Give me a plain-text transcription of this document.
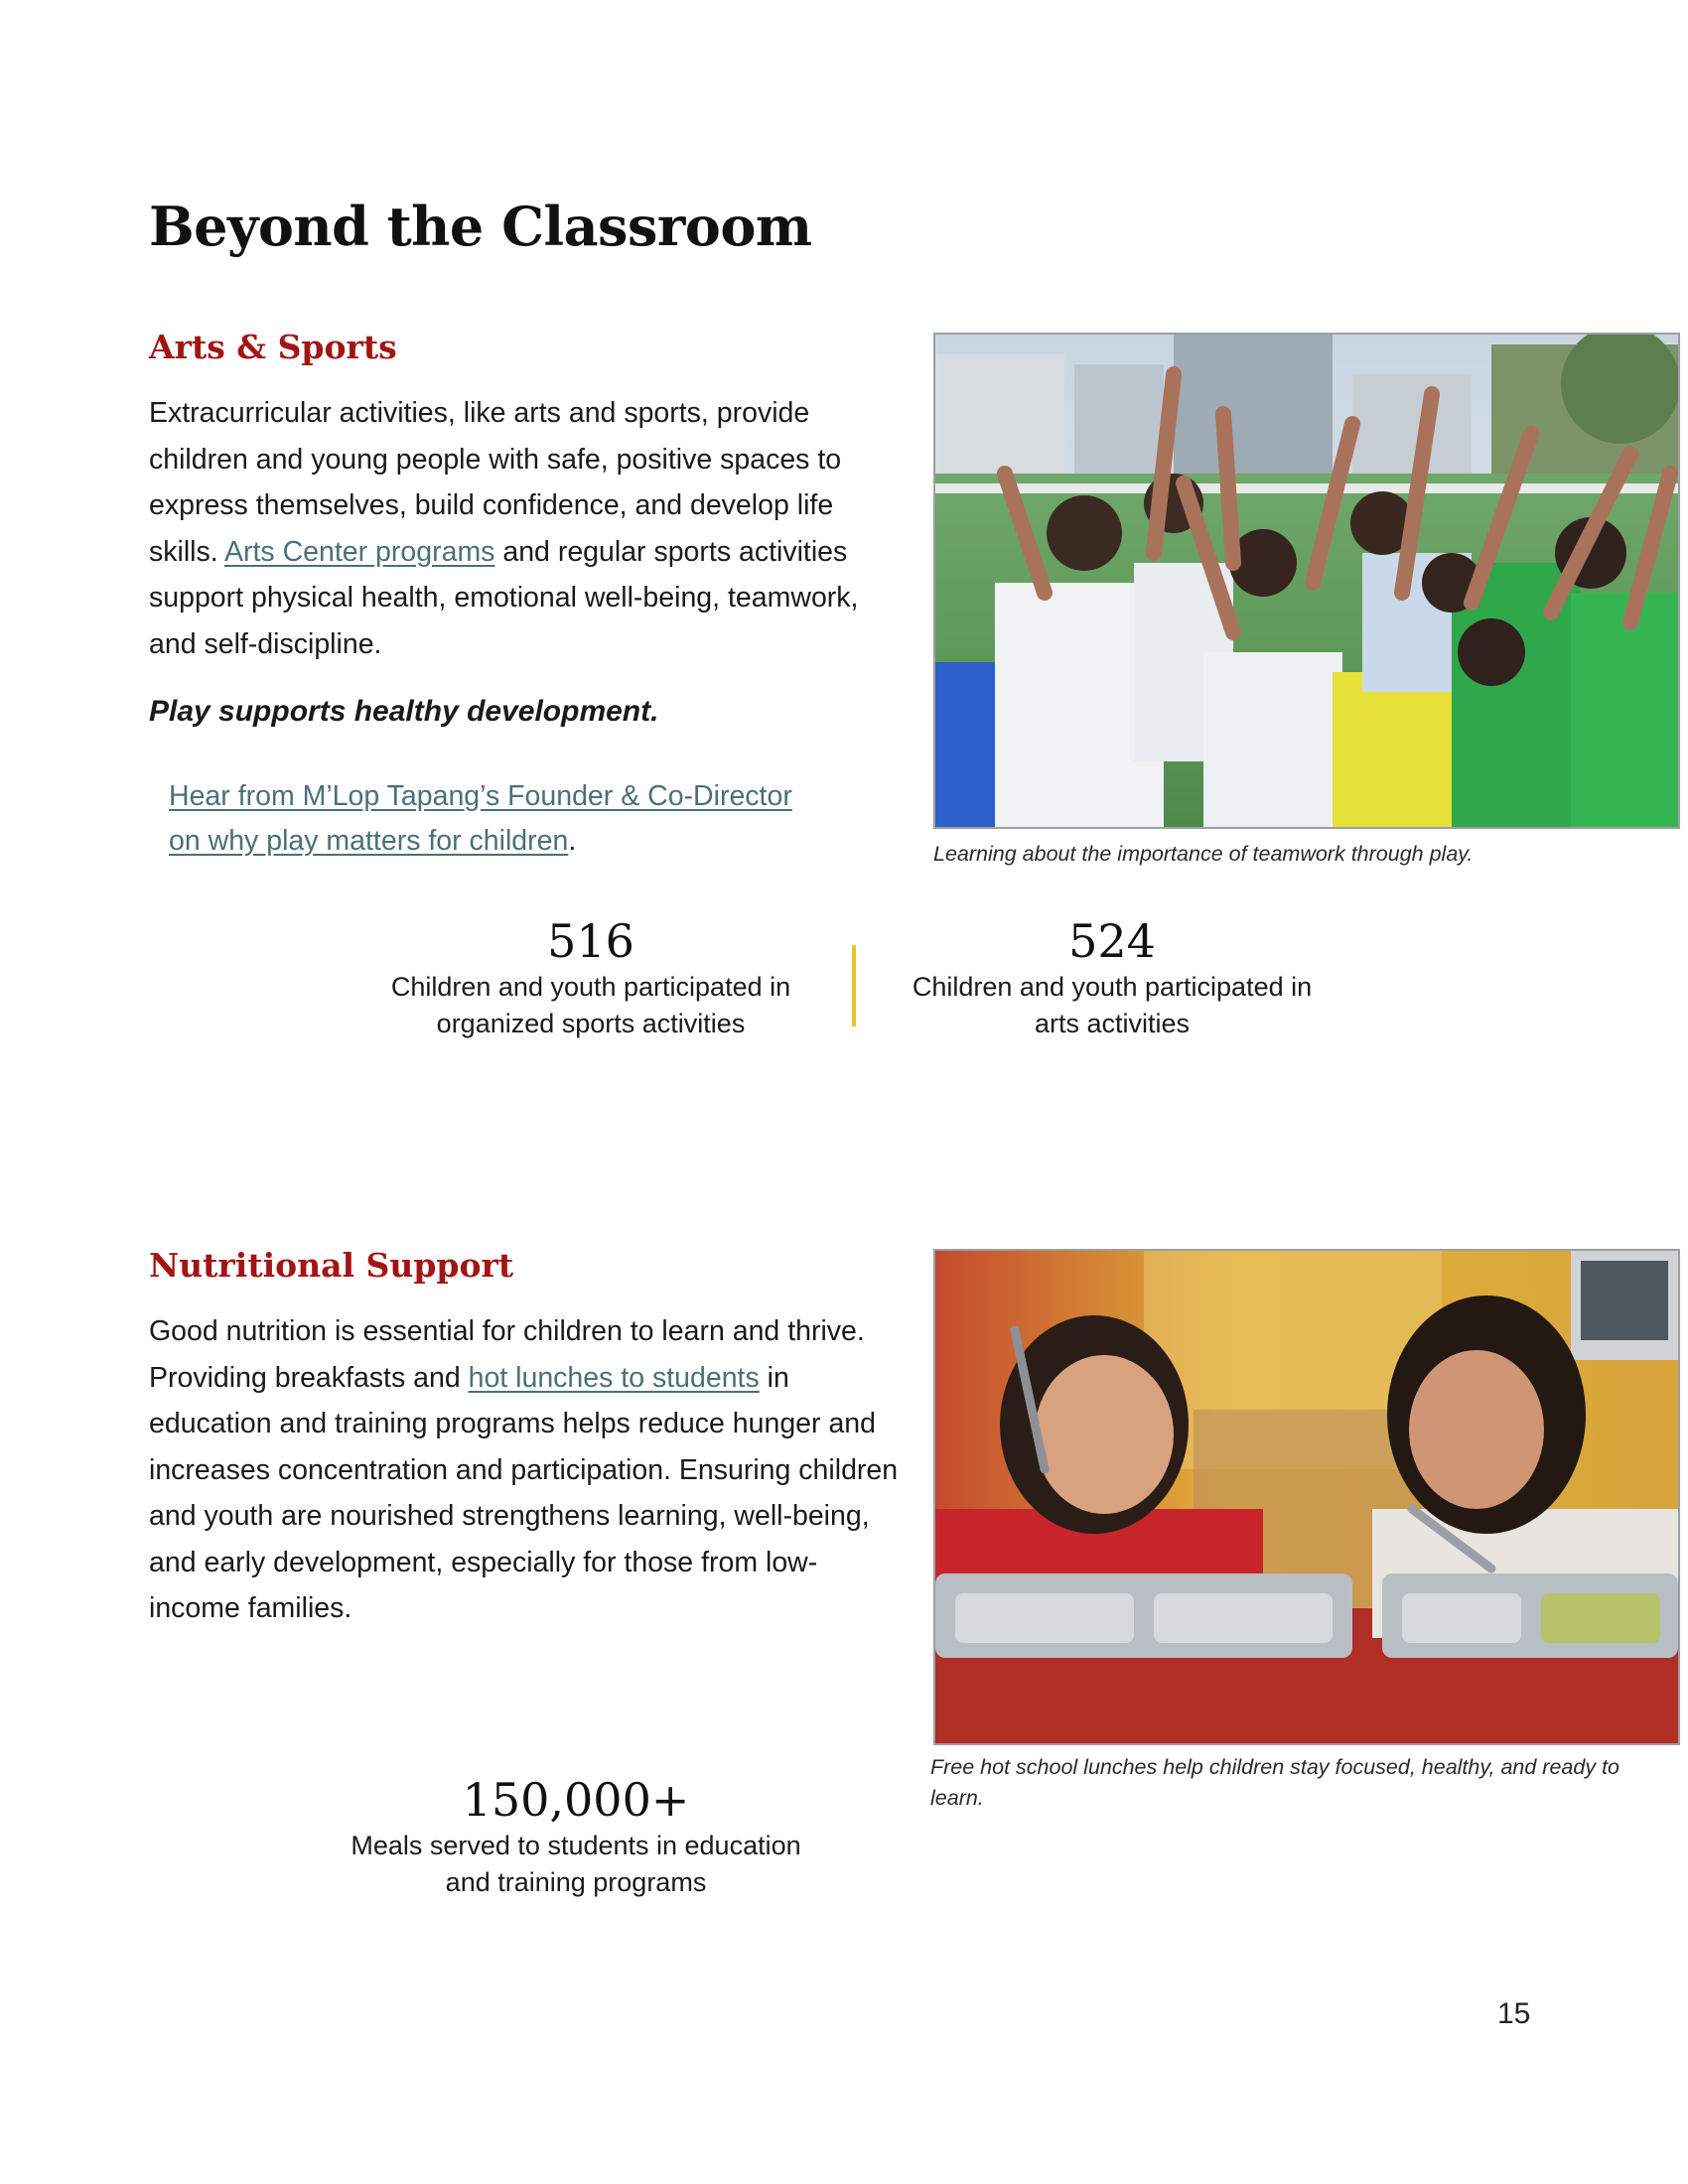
Beyond the Classroom
Arts & Sports

Extracurricular activities, like arts and sports, provide children and young people with safe, positive spaces to express themselves, build confidence, and develop life skills. Arts Center programs and regular sports activities support physical health, emotional well-being, teamwork, and self-discipline.

Play supports healthy development.

Hear from M’Lop Tapang’s Founder & Co-Director on why play matters for children.	Learning about the importance of teamwork through play.

516
Children and youth participated in organized sports activities
524
Children and youth participated in arts activities
Nutritional Support

Good nutrition is essential for children to learn and thrive. Providing breakfasts and hot lunches to students in education and training programs helps reduce hunger and increases concentration and participation. Ensuring children and youth are nourished strengthens learning, well-being, and early development, especially for those from low-income families.

Free hot school lunches help children stay focused, healthy, and ready to learn.

150,000+
Meals served to students in education and training programs
15
